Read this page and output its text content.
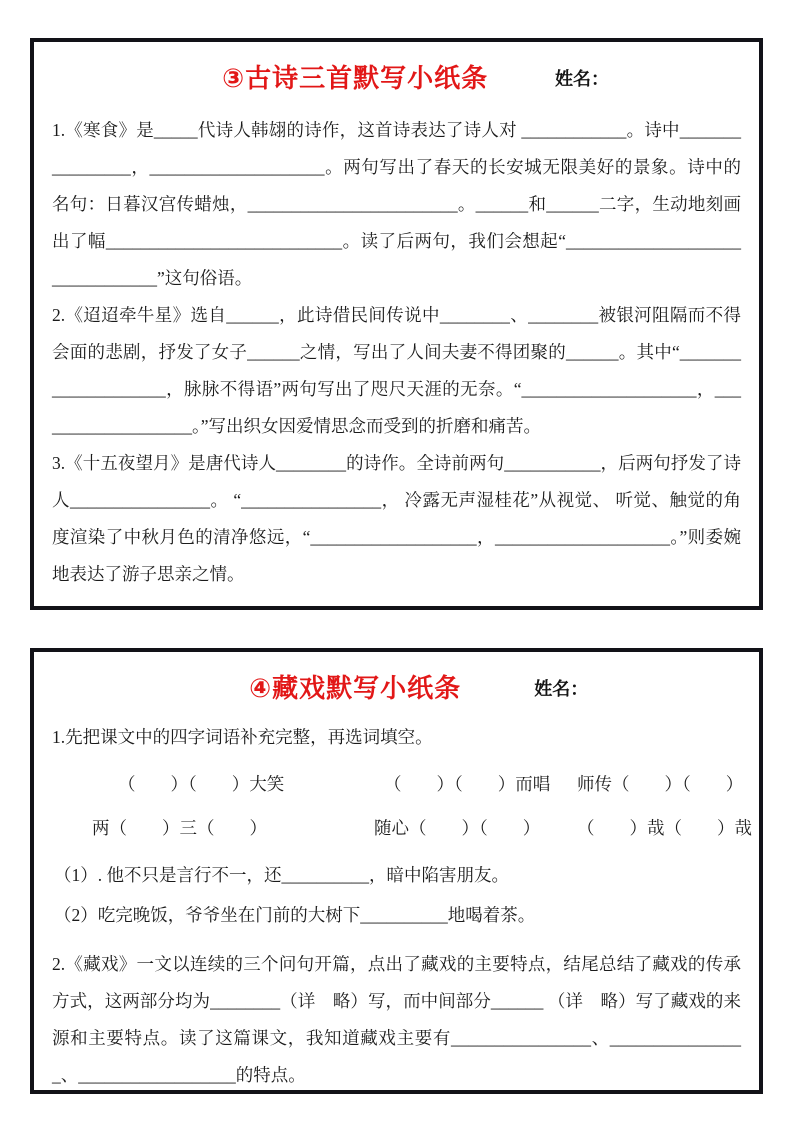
③古诗三首默写小纸条	姓名：

1.《寒食》是_____代诗人韩翃的诗作，这首诗表达了诗人对 ____________。诗中________________，____________________。两句写出了春天的长安城无限美好的景象。诗中的名句：日暮汉宫传蜡烛，________________________。______和______二字，生动地刻画出了幅___________________________。读了后两句，我们会想起“________________________________”这句俗语。

2.《迢迢牵牛星》选自______，此诗借民间传说中________、________被银河阻隔而不得会面的悲剧，抒发了女子______之情，写出了人间夫妻不得团聚的______。其中“____________________，脉脉不得语”两句写出了咫尺天涯的无奈。“____________________，___________________。”写出织女因爱情思念而受到的折磨和痛苦。

3.《十五夜望月》是唐代诗人________的诗作。全诗前两句___________，后两句抒发了诗人________________。 “________________， 冷露无声湿桂花”从视觉、 听觉、触觉的角度渲染了中秋月色的清净悠远，“___________________，____________________。”则委婉地表达了游子思亲之情。

④藏戏默写小纸条	姓名：
1.先把课文中的四字词语补充完整，再选词填空。
（　　）（　　）大笑	（　　）（　　）而唱	师传（　　）（　　）
两（　　）三（　　）	随心（　　）（　　）	（　　）哉（　　）哉
（1）. 他不只是言行不一，还__________，暗中陷害朋友。
（2）吃完晚饭，爷爷坐在门前的大树下__________地喝着茶。

2.《藏戏》一文以连续的三个问句开篇，点出了藏戏的主要特点，结尾总结了藏戏的传承方式，这两部分均为________（详　略）写，而中间部分______ （详　略）写了藏戏的来源和主要特点。读了这篇课文，我知道藏戏主要有________________、________________、__________________的特点。
